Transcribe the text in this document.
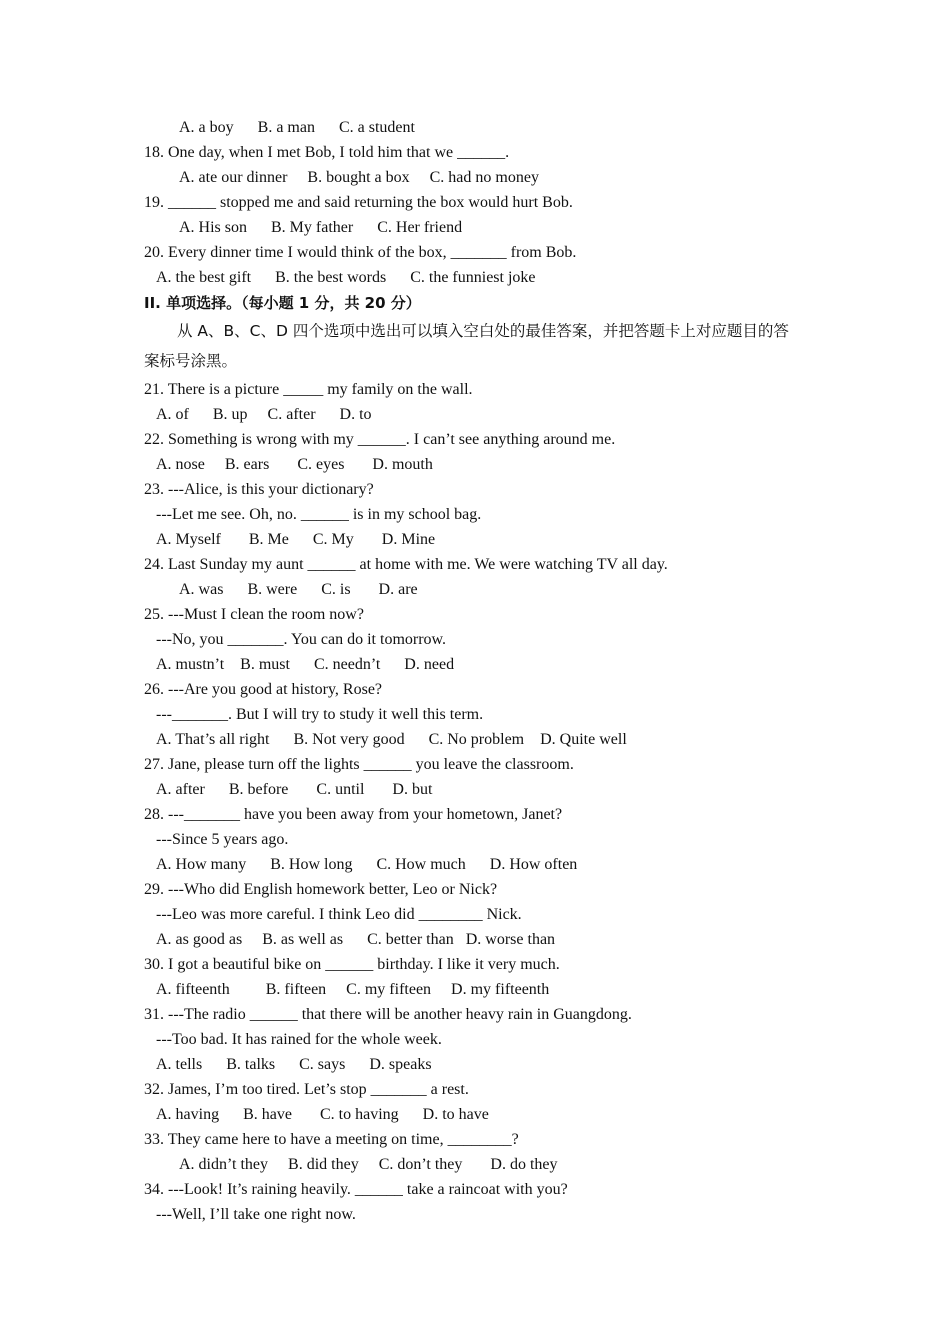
A. a boy      B. a man      C. a student
18. One day, when I met Bob, I told him that we ______.
A. ate our dinner     B. bought a box     C. had no money
19. ______ stopped me and said returning the box would hurt Bob.
A. His son      B. My father      C. Her friend
20. Every dinner time I would think of the box, _______ from Bob.
A. the best gift      B. the best words      C. the funniest joke
II. 单项选择。（每小题 1 分，共 20 分）
从 A、B、C、D 四个选项中选出可以填入空白处的最佳答案，并把答题卡上对应题目的答
案标号涂黑。
21. There is a picture _____ my family on the wall.
A. of      B. up     C. after      D. to
22. Something is wrong with my ______. I can’t see anything around me.
A. nose     B. ears       C. eyes       D. mouth
23. ---Alice, is this your dictionary?
---Let me see. Oh, no. ______ is in my school bag.
A. Myself       B. Me      C. My       D. Mine
24. Last Sunday my aunt ______ at home with me. We were watching TV all day.
A. was      B. were      C. is       D. are
25. ---Must I clean the room now?
---No, you _______. You can do it tomorrow.
A. mustn’t    B. must      C. needn’t      D. need
26. ---Are you good at history, Rose?
---_______. But I will try to study it well this term.
A. That’s all right      B. Not very good      C. No problem    D. Quite well
27. Jane, please turn off the lights ______ you leave the classroom.
A. after      B. before       C. until       D. but
28. ---_______ have you been away from your hometown, Janet?
---Since 5 years ago.
A. How many      B. How long      C. How much      D. How often
29. ---Who did English homework better, Leo or Nick?
---Leo was more careful. I think Leo did ________ Nick.
A. as good as     B. as well as      C. better than   D. worse than
30. I got a beautiful bike on ______ birthday. I like it very much.
A. fifteenth         B. fifteen     C. my fifteen     D. my fifteenth
31. ---The radio ______ that there will be another heavy rain in Guangdong.
---Too bad. It has rained for the whole week.
A. tells      B. talks      C. says      D. speaks
32. James, I’m too tired. Let’s stop _______ a rest.
A. having      B. have       C. to having      D. to have
33. They came here to have a meeting on time, ________?
A. didn’t they     B. did they     C. don’t they       D. do they
34. ---Look! It’s raining heavily. ______ take a raincoat with you?
---Well, I’ll take one right now.
